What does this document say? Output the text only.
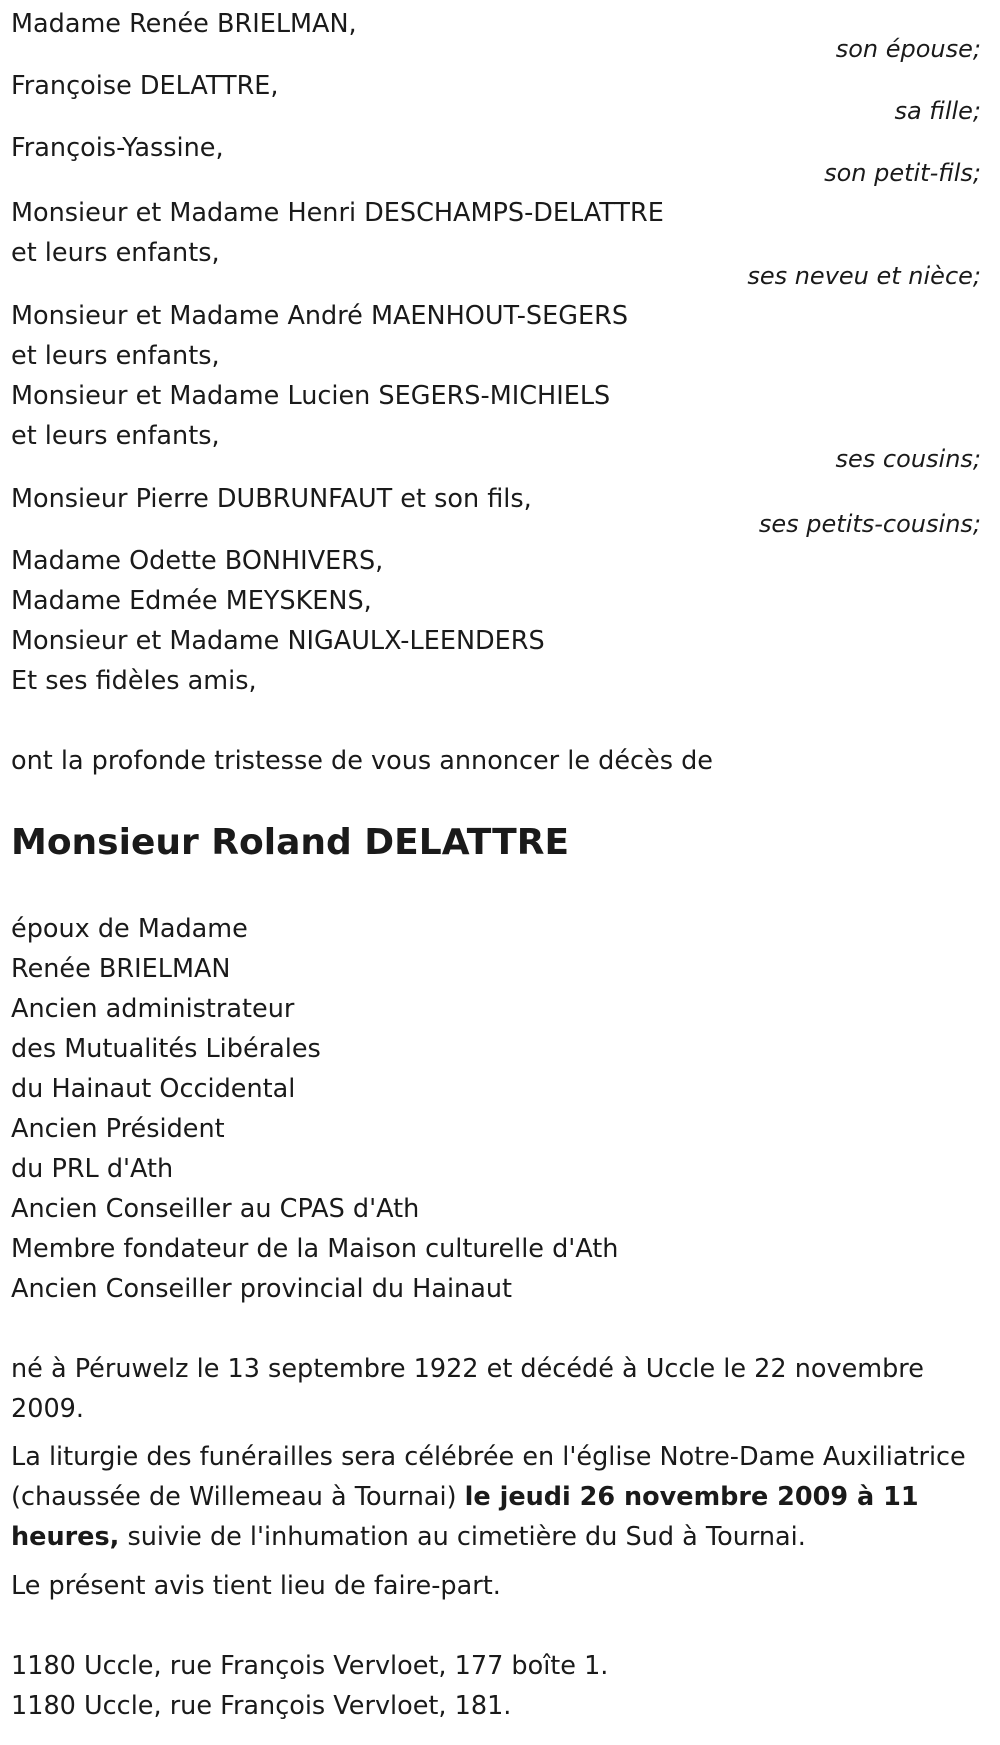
Madame Renée BRIELMAN,
son épouse;
Françoise DELATTRE,
sa fille;
François-Yassine,
son petit-fils;
Monsieur et Madame Henri DESCHAMPS-DELATTRE
et leurs enfants,
ses neveu et nièce;
Monsieur et Madame André MAENHOUT-SEGERS
et leurs enfants,
Monsieur et Madame Lucien SEGERS-MICHIELS
et leurs enfants,
ses cousins;
Monsieur Pierre DUBRUNFAUT et son fils,
ses petits-cousins;
Madame Odette BONHIVERS,
Madame Edmée MEYSKENS,
Monsieur et Madame NIGAULX-LEENDERS
Et ses fidèles amis,
ont la profonde tristesse de vous annoncer le décès de
Monsieur Roland DELATTRE
époux de Madame
Renée BRIELMAN
Ancien administrateur
des Mutualités Libérales
du Hainaut Occidental
Ancien Président
du PRL d'Ath
Ancien Conseiller au CPAS d'Ath
Membre fondateur de la Maison culturelle d'Ath
Ancien Conseiller provincial du Hainaut
né à Péruwelz le 13 septembre 1922 et décédé à Uccle le 22 novembre 2009.
La liturgie des funérailles sera célébrée en l'église Notre-Dame Auxiliatrice (chaussée de Willemeau à Tournai) le jeudi 26 novembre 2009 à 11 heures, suivie de l'inhumation au cimetière du Sud à Tournai.
Le présent avis tient lieu de faire-part.
1180 Uccle, rue François Vervloet, 177 boîte 1.
1180 Uccle, rue François Vervloet, 181.
